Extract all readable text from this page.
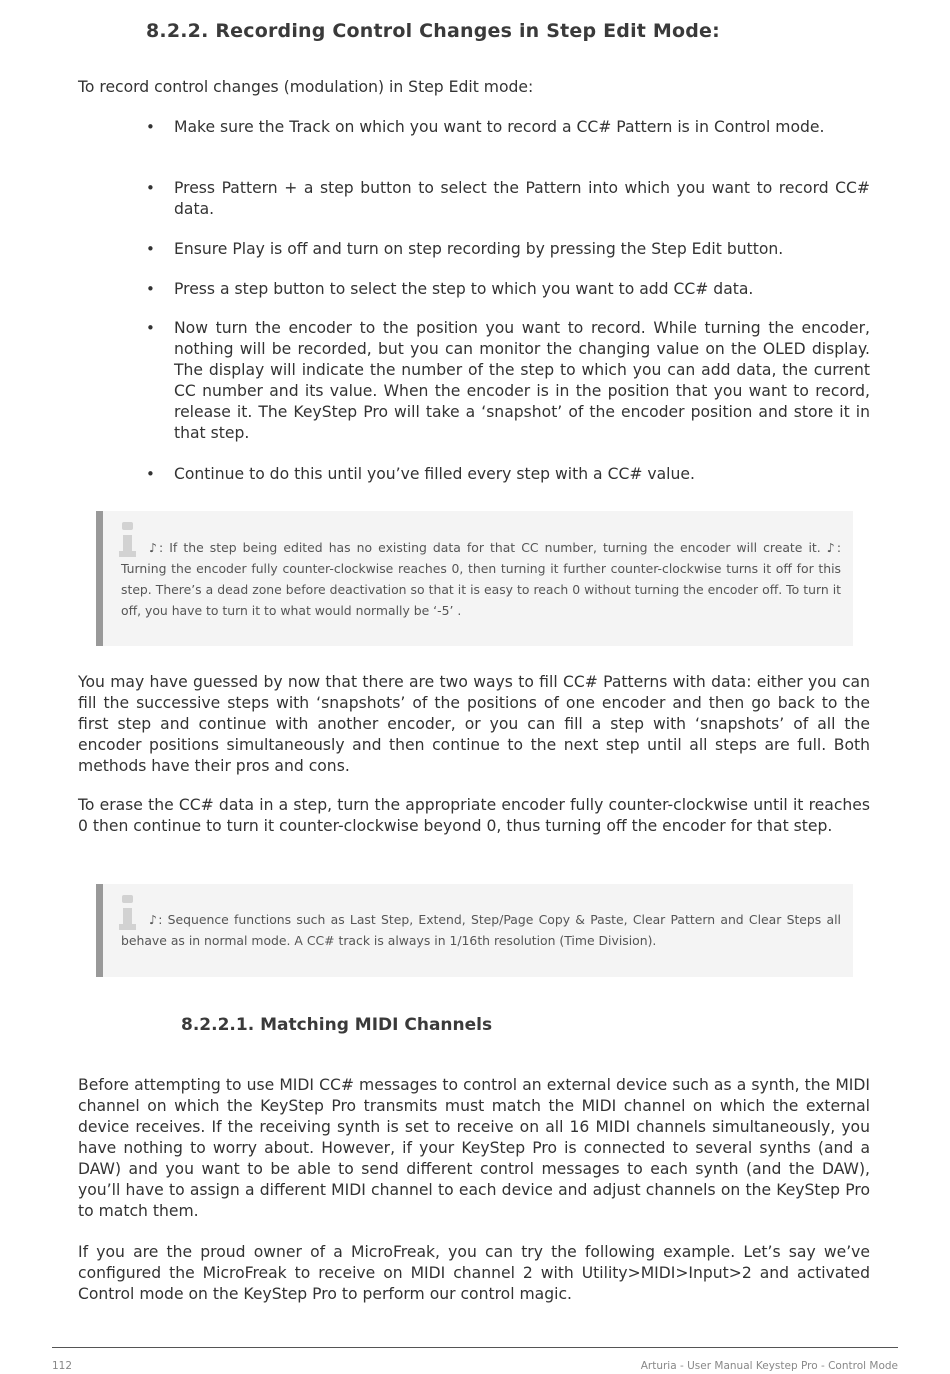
8.2.2. Recording Control Changes in Step Edit Mode:

To record control changes (modulation) in Step Edit mode:

•	Make sure the Track on which you want to record a CC# Pattern is in Control mode.
•	Press Pattern + a step button to select the Pattern into which you want to record CC# data.
•	Ensure Play is off and turn on step recording by pressing the Step Edit button.
•	Press a step button to select the step to which you want to add CC# data.
•	Now turn the encoder to the position you want to record. While turning the encoder, nothing will be recorded, but you can monitor the changing value on the OLED display. The display will indicate the number of the step to which you can add data, the current CC number and its value. When the encoder is in the position that you want to record, release it. The KeyStep Pro will take a ‘snapshot’ of the encoder position and store it in that step.
•	Continue to do this until you’ve filled every step with a CC# value.

♪: If the step being edited has no existing data for that CC number, turning the encoder will create it. ♪: Turning the encoder fully counter-clockwise reaches 0, then turning it further counter-clockwise turns it off for this step. There’s a dead zone before deactivation so that it is easy to reach 0 without turning the encoder off. To turn it off, you have to turn it to what would normally be ‘-5’ .

You may have guessed by now that there are two ways to fill CC# Patterns with data: either you can fill the successive steps with ‘snapshots’ of the positions of one encoder and then go back to the first step and continue with another encoder, or you can fill a step with ‘snapshots’ of all the encoder positions simultaneously and then continue to the next step until all steps are full. Both methods have their pros and cons.

To erase the CC# data in a step, turn the appropriate encoder fully counter-clockwise until it reaches 0 then continue to turn it counter-clockwise beyond 0, thus turning off the encoder for that step.

♪: Sequence functions such as Last Step, Extend, Step/Page Copy & Paste, Clear Pattern and Clear Steps all behave as in normal mode. A CC# track is always in 1/16th resolution (Time Division).

8.2.2.1. Matching MIDI Channels

Before attempting to use MIDI CC# messages to control an external device such as a synth, the MIDI channel on which the KeyStep Pro transmits must match the MIDI channel on which the external device receives. If the receiving synth is set to receive on all 16 MIDI channels simultaneously, you have nothing to worry about. However, if your KeyStep Pro is connected to several synths (and a DAW) and you want to be able to send different control messages to each synth (and the DAW), you’ll have to assign a different MIDI channel to each device and adjust channels on the KeyStep Pro to match them.

If you are the proud owner of a MicroFreak, you can try the following example. Let’s say we’ve configured the MicroFreak to receive on MIDI channel 2 with Utility>MIDI>Input>2 and activated Control mode on the KeyStep Pro to perform our control magic.

112	Arturia - User Manual Keystep Pro - Control Mode
